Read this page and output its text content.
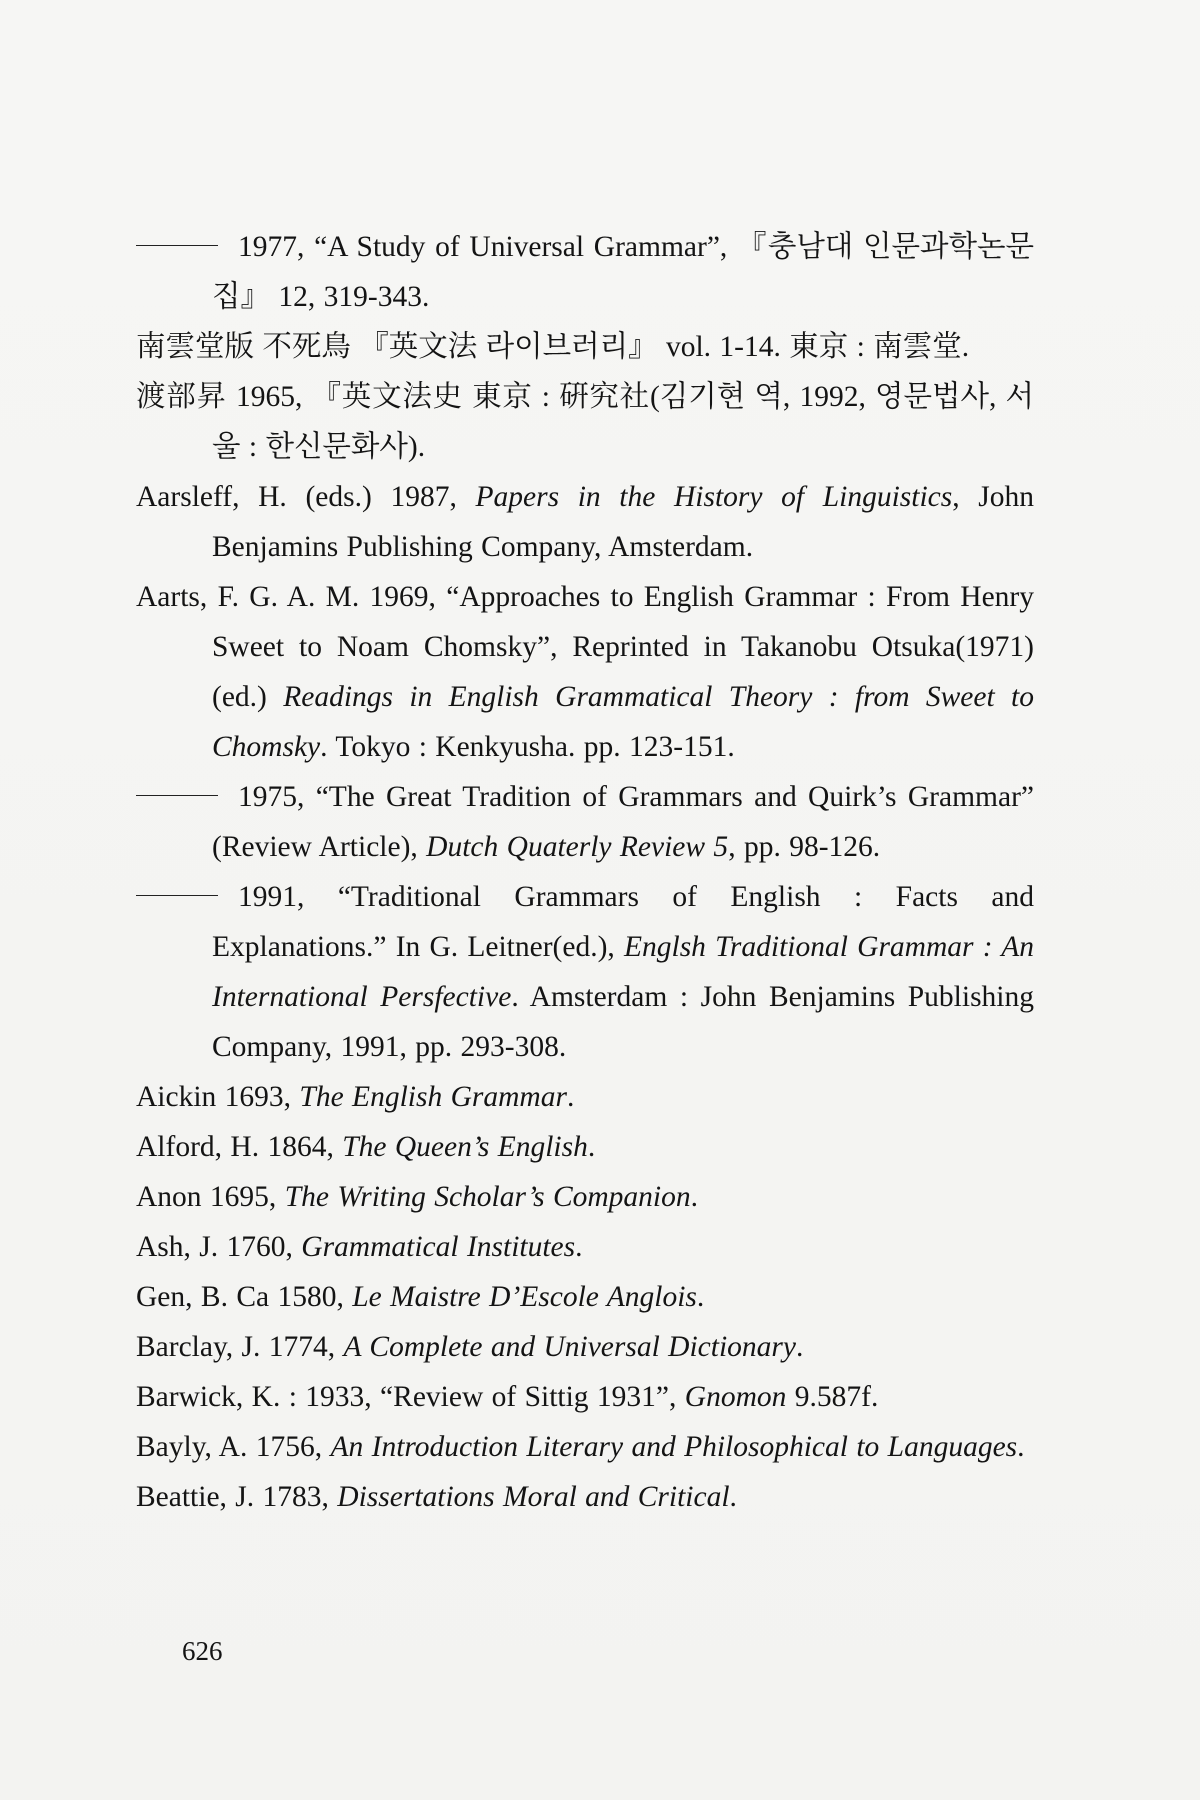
1977, “A Study of Universal Grammar”, 『충남대 인문과학논문집』 12, 319-343.

南雲堂版 不死鳥 『英文法 라이브러리』 vol. 1-14. 東京 : 南雲堂.

渡部昇 1965, 『英文法史 東京 : 硏究社(김기현 역, 1992, 영문법사, 서울 : 한신문화사).

Aarsleff, H. (eds.) 1987, Papers in the History of Linguistics, John Benjamins Publishing Company, Amsterdam.

Aarts, F. G. A. M. 1969, “Approaches to English Grammar : From Henry Sweet to Noam Chomsky”, Reprinted in Takanobu Otsuka(1971)(ed.) Readings in English Grammatical Theory : from Sweet to Chomsky. Tokyo : Kenkyusha. pp. 123-151.

1975, “The Great Tradition of Grammars and Quirk’s Grammar” (Review Article), Dutch Quaterly Review 5, pp. 98-126.

1991, “Traditional Grammars of English : Facts and Explanations.” In G. Leitner(ed.), Englsh Traditional Grammar : An International Persfective. Amsterdam : John Benjamins Publishing Company, 1991, pp. 293-308.

Aickin 1693, The English Grammar.

Alford, H. 1864, The Queen’s English.

Anon 1695, The Writing Scholar’s Companion.

Ash, J. 1760, Grammatical Institutes.

Gen, B. Ca 1580, Le Maistre D’Escole Anglois.

Barclay, J. 1774, A Complete and Universal Dictionary.

Barwick, K. : 1933, “Review of Sittig 1931”, Gnomon 9.587f.

Bayly, A. 1756, An Introduction Literary and Philosophical to Languages.

Beattie, J. 1783, Dissertations Moral and Critical.

626
